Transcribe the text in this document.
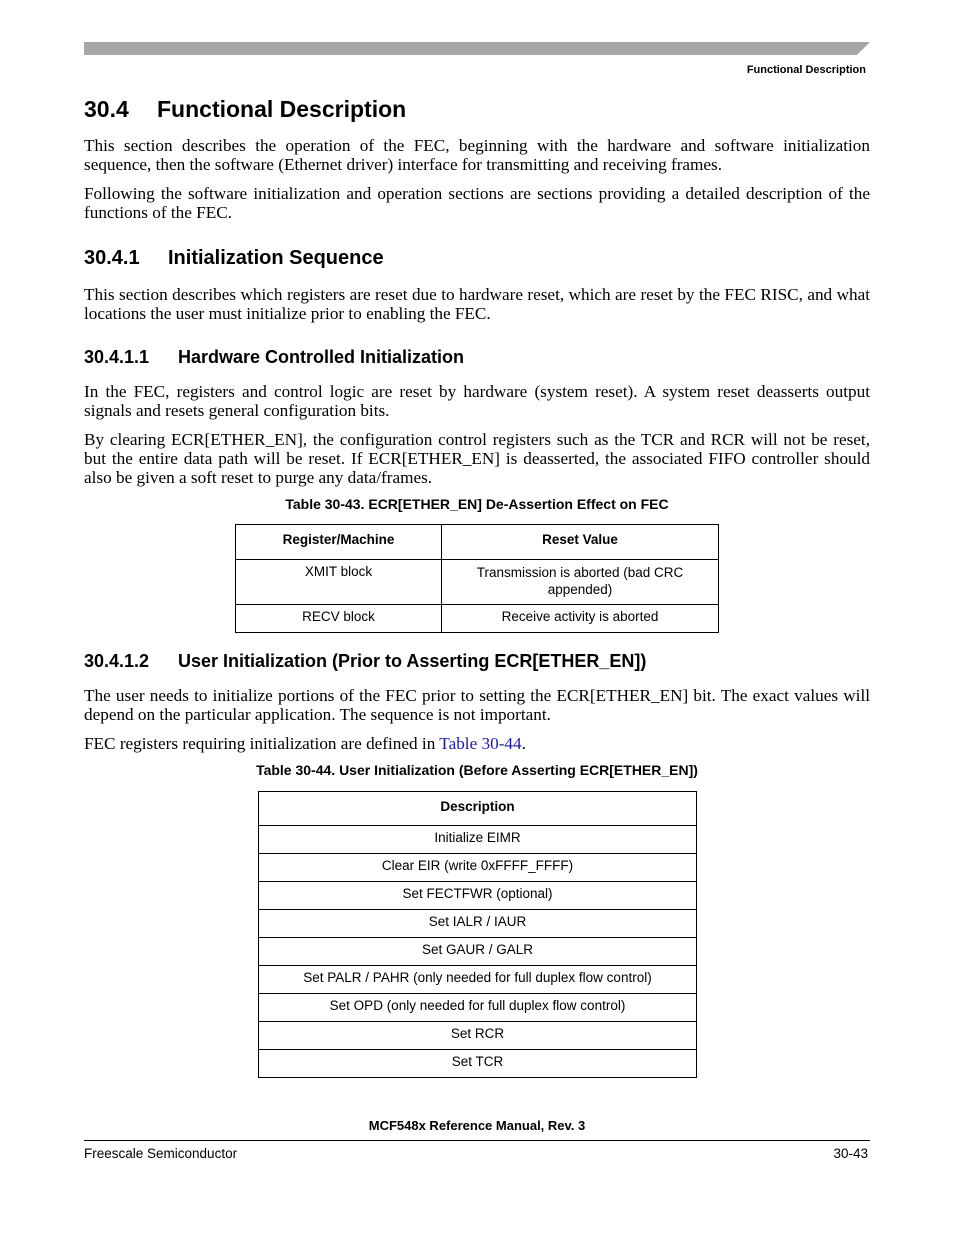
Functional Description
30.4 Functional Description
This section describes the operation of the FEC, beginning with the hardware and software initialization sequence, then the software (Ethernet driver) interface for transmitting and receiving frames.
Following the software initialization and operation sections are sections providing a detailed description of the functions of the FEC.
30.4.1 Initialization Sequence
This section describes which registers are reset due to hardware reset, which are reset by the FEC RISC, and what locations the user must initialize prior to enabling the FEC.
30.4.1.1 Hardware Controlled Initialization
In the FEC, registers and control logic are reset by hardware (system reset). A system reset deasserts output signals and resets general configuration bits.
By clearing ECR[ETHER_EN], the configuration control registers such as the TCR and RCR will not be reset, but the entire data path will be reset. If ECR[ETHER_EN] is deasserted, the associated FIFO controller should also be given a soft reset to purge any data/frames.
Table 30-43. ECR[ETHER_EN] De-Assertion Effect on FEC
Register/Machine	Reset Value
XMIT block	Transmission is aborted (bad CRC appended)
RECV block	Receive activity is aborted
30.4.1.2 User Initialization (Prior to Asserting ECR[ETHER_EN])
The user needs to initialize portions of the FEC prior to setting the ECR[ETHER_EN] bit. The exact values will depend on the particular application. The sequence is not important.
FEC registers requiring initialization are defined in Table 30-44.
Table 30-44. User Initialization (Before Asserting ECR[ETHER_EN])
Description
Initialize EIMR
Clear EIR (write 0xFFFF_FFFF)
Set FECTFWR (optional)
Set IALR / IAUR
Set GAUR / GALR
Set PALR / PAHR (only needed for full duplex flow control)
Set OPD (only needed for full duplex flow control)
Set RCR
Set TCR
MCF548x Reference Manual, Rev. 3
Freescale Semiconductor	30-43
